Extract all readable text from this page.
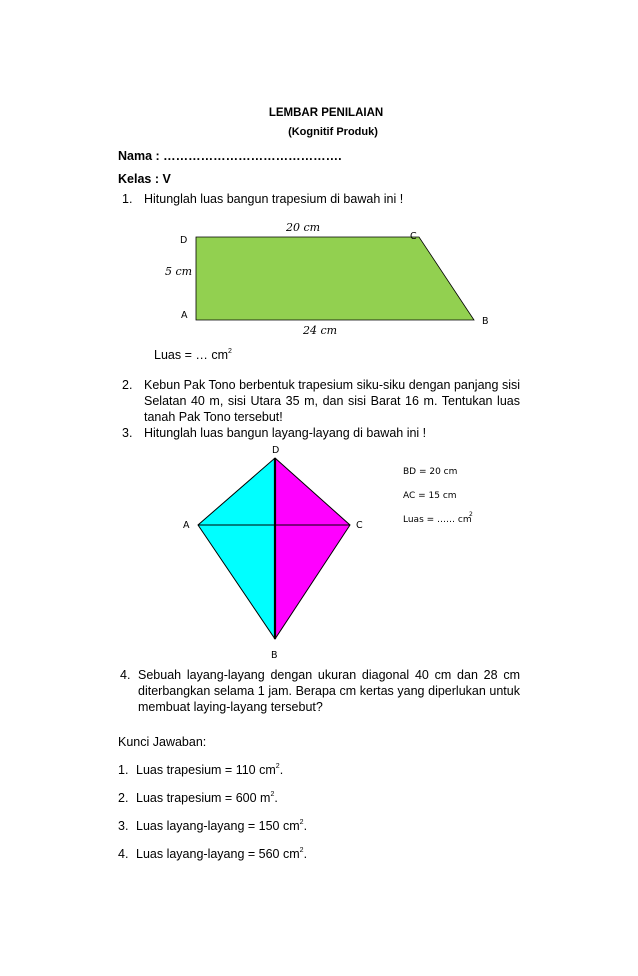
LEMBAR PENILAIAN
(Kognitif Produk)
Nama : …………………………………….
Kelas : V
1. Hitunglah luas bangun trapesium di bawah ini !
20 cm
5 cm
24 cm
D	C
A
B
Luas = … $cm^2$
2. Kebun Pak Tono berbentuk trapesium siku-siku dengan panjang sisi Selatan 40 m, sisi Utara 35 m, dan sisi Barat 16 m. Tentukan luas tanah Pak Tono tersebut!
3. Hitunglah luas bangun layang-layang di bawah ini !
D
A	C
B
BD = 20 cm
AC = 15 cm
Luas = …… cm
2
4. Sebuah layang-layang dengan ukuran diagonal 40 cm dan 28 cm diterbangkan selama 1 jam. Berapa cm kertas yang diperlukan untuk membuat laying-layang tersebut?
Kunci Jawaban:
1. Luas trapesium = 110 $cm^2$.
2. Luas trapesium = 600 $m^2$.
3. Luas layang-layang = 150 $cm^2$.
4. Luas layang-layang = 560 $cm^2$.
